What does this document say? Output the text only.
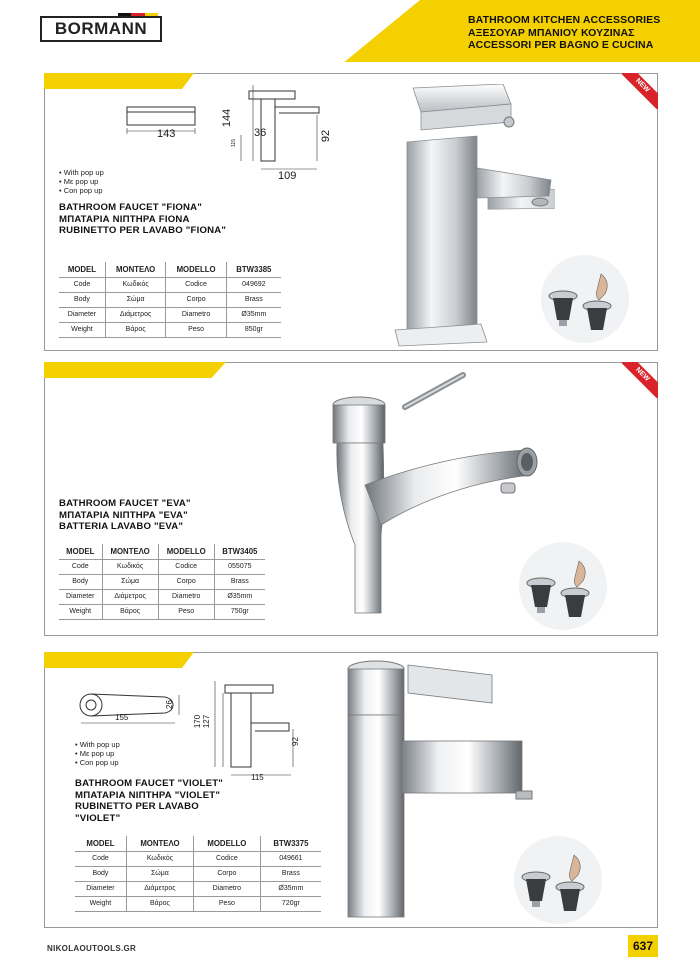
BORMANN	BATHROOM KITCHEN ACCESSORIES
ΑΞΕΣΟΥΑΡ ΜΠΑΝΙΟΥ ΚΟΥΖΙΝΑΣ
ACCESSORI PER BAGNO E CUCINA
NEW
143
144
36	92
109
115
• With pop up
• Με pop up
• Con pop up
BATHROOM FAUCET "FIONA"
ΜΠΑΤΑΡΙΑ ΝΙΠΤΗΡΑ FIONA
RUBINETTO PER LAVABO "FIONA"
MODEL	ΜΟΝΤΕΛΟ	MODELLO	BTW3385
Code	Κωδικός	Codice	049692
Body	Σώμα	Corpo	Brass
Diameter	Διάμετρος	Diametro	Ø35mm
Weight	Βάρος	Peso	850gr
NEW
BATHROOM FAUCET "EVA"
ΜΠΑΤΑΡΙΑ ΝΙΠΤΗΡΑ "EVA"
BATTERIA LAVABO "EVA"
MODEL	ΜΟΝΤΕΛΟ	MODELLO	BTW3405
Code	Κωδικός	Codice	055075
Body	Σώμα	Corpo	Brass
Diameter	Διάμετρος	Diametro	Ø35mm
Weight	Βάρος	Peso	750gr
155
26
170 127
92
115
• With pop up
• Με pop up
• Con pop up
BATHROOM FAUCET "VIOLET"
ΜΠΑΤΑΡΙΑ ΝΙΠΤΗΡΑ "VIOLET"
RUBINETTO PER LAVABO
"VIOLET"
MODEL	ΜΟΝΤΕΛΟ	MODELLO	BTW3375
Code	Κωδικός	Codice	049661
Body	Σώμα	Corpo	Brass
Diameter	Διάμετρος	Diametro	Ø35mm
Weight	Βάρος	Peso	720gr
NIKOLAOUTOOLS.GR	637
